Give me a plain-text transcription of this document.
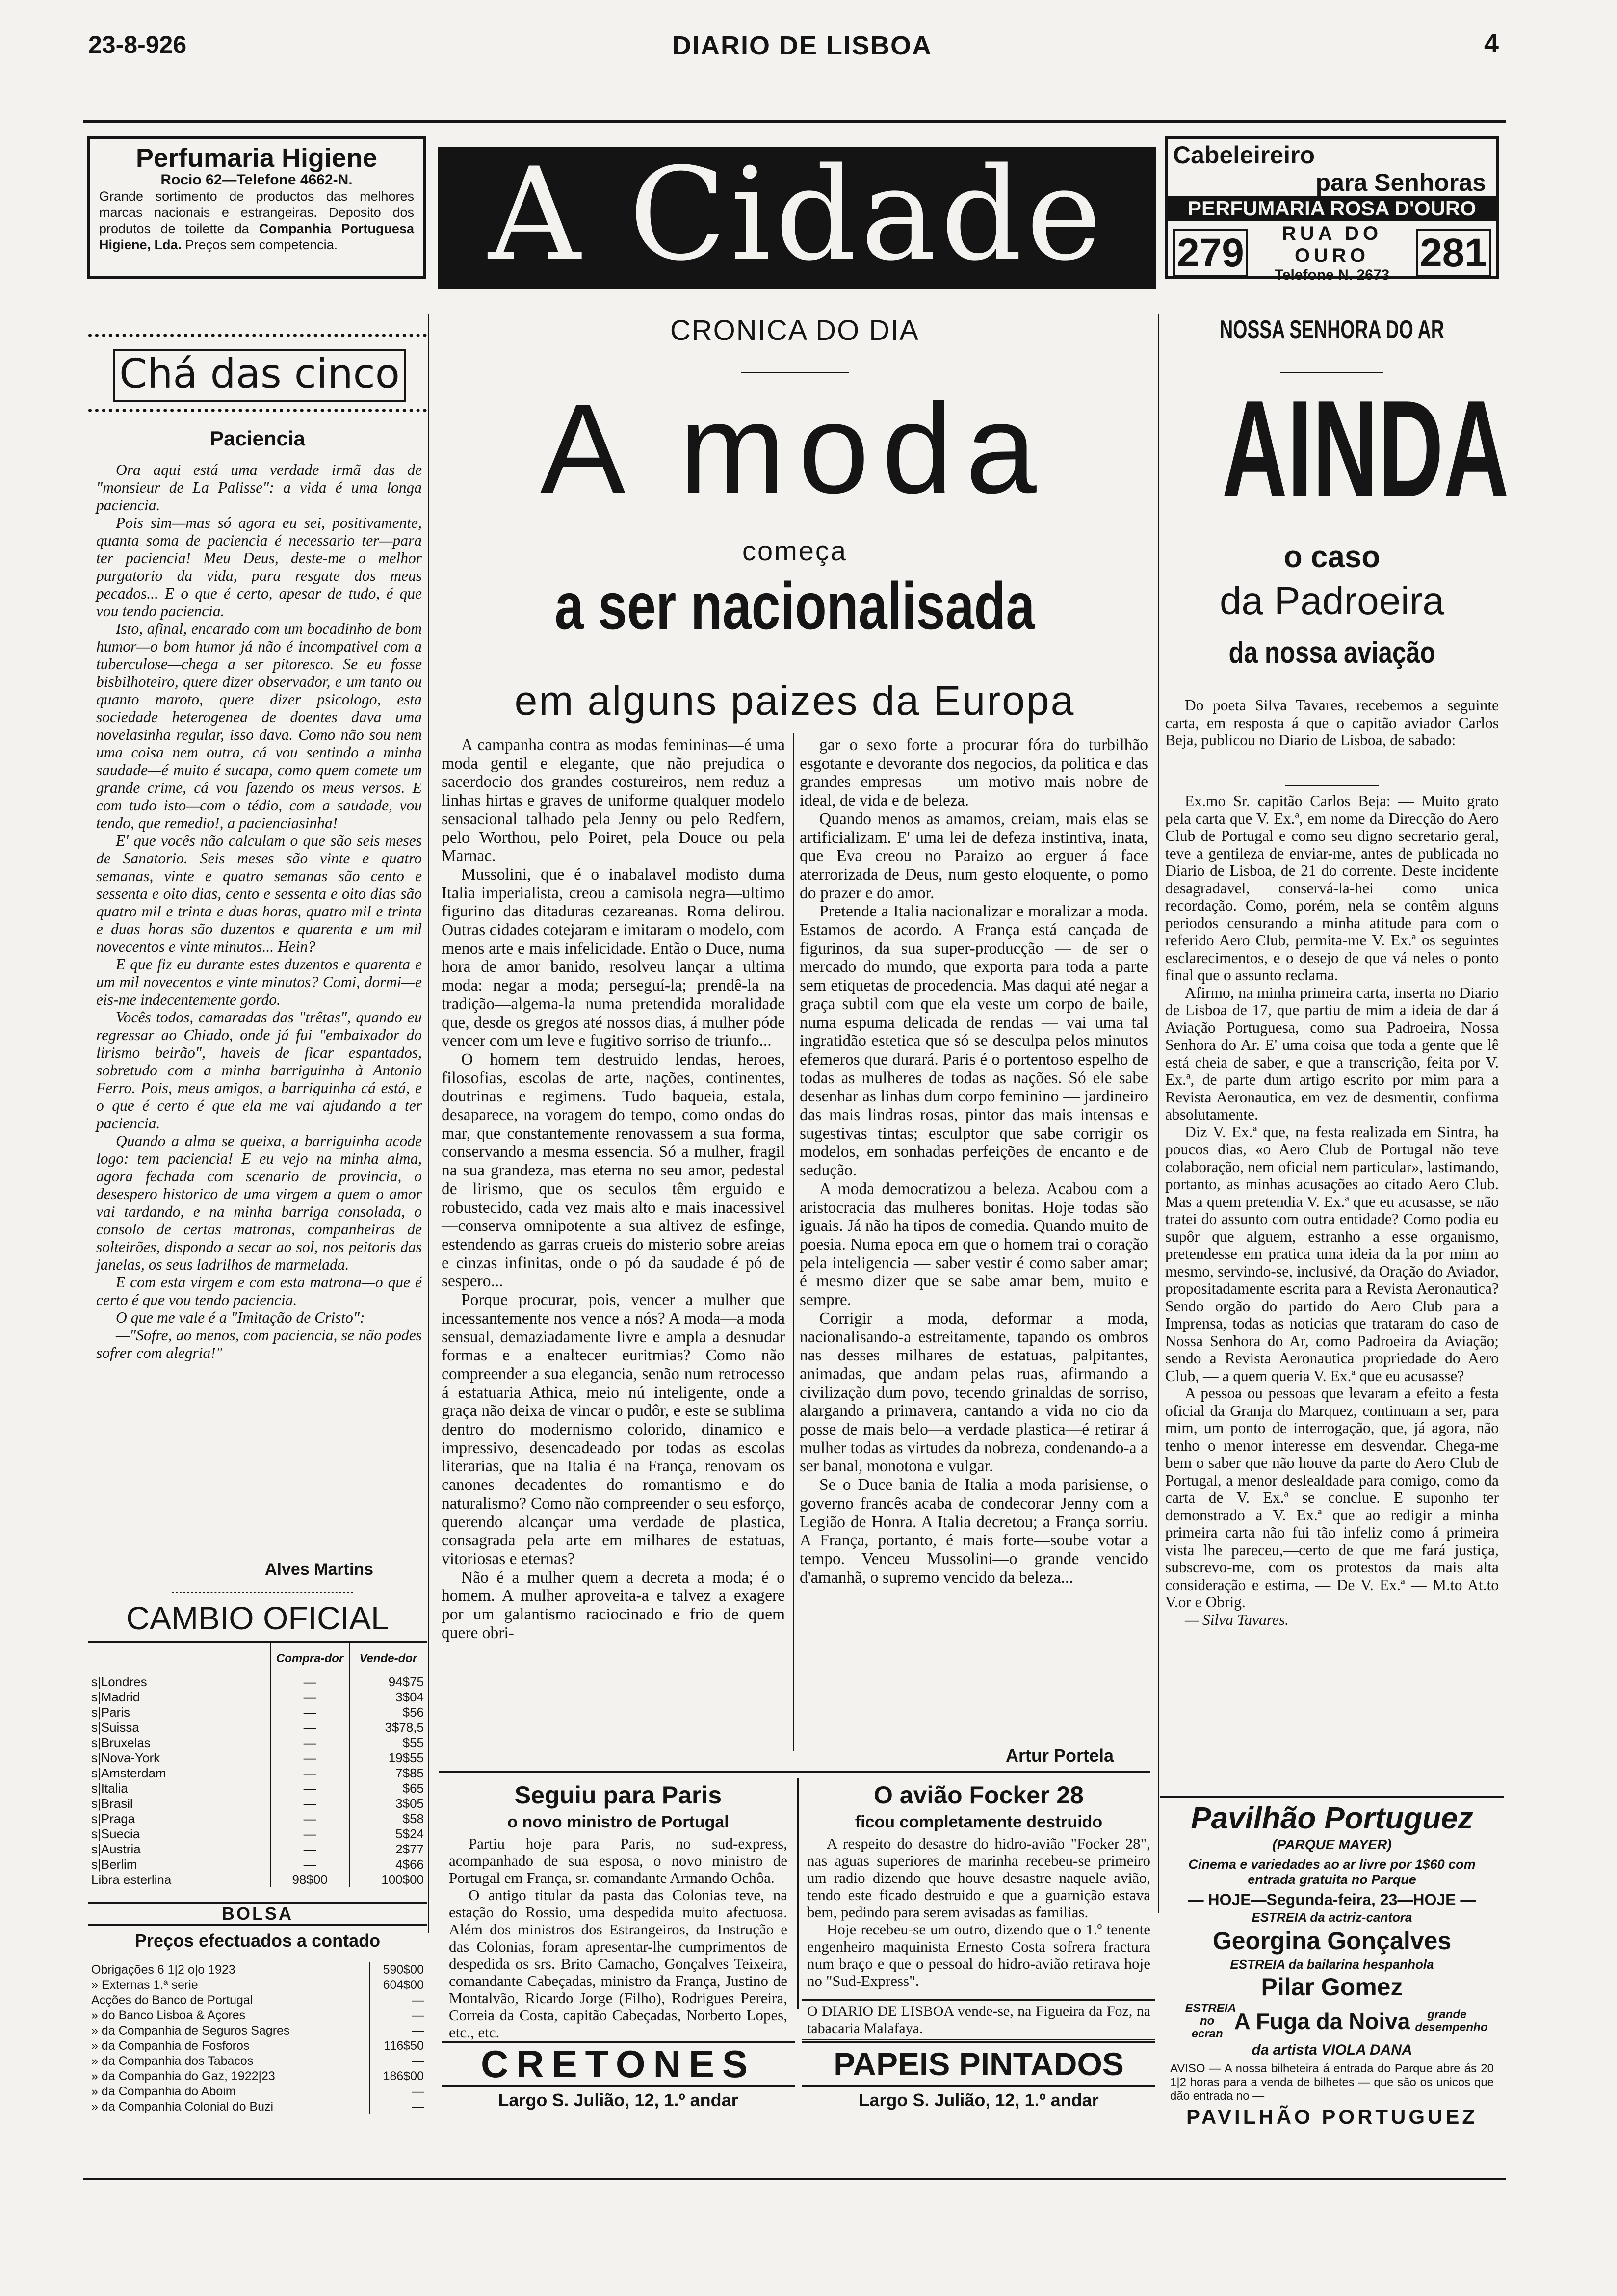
23-8-926	DIARIO DE LISBOA	4
Perfumaria Higiene
Rocio 62—Telefone 4662-N.
Grande sortimento de productos das melhores marcas nacionais e estrangeiras. Deposito dos produtos de toilette da Companhia Portuguesa Higiene, Lda. Preços sem competencia.	A Cidade	Cabeleireiro
para Senhoras
PERFUMARIA ROSA D'OURO
279	RUA DO OURO
Telefone N. 2673 281
Chá das cinco
Paciencia

Ora aqui está uma verdade irmã das de "monsieur de La Palisse": a vida é uma longa paciencia.

Pois sim—mas só agora eu sei, positivamente, quanta soma de paciencia é necessario ter—para ter paciencia! Meu Deus, deste-me o melhor purgatorio da vida, para resgate dos meus pecados... E o que é certo, apesar de tudo, é que vou tendo paciencia.

Isto, afinal, encarado com um bocadinho de bom humor—o bom humor já não é incompativel com a tuberculose—chega a ser pitoresco. Se eu fosse bisbilhoteiro, quere dizer observador, e um tanto ou quanto maroto, quere dizer psicologo, esta sociedade heterogenea de doentes dava uma novelasinha regular, isso dava. Como não sou nem uma coisa nem outra, cá vou sentindo a minha saudade—é muito é sucapa, como quem comete um grande crime, cá vou fazendo os meus versos. E com tudo isto—com o tédio, com a saudade, vou tendo, que remedio!, a pacienciasinha!

E' que vocês não calculam o que são seis meses de Sanatorio. Seis meses são vinte e quatro semanas, vinte e quatro semanas são cento e sessenta e oito dias, cento e sessenta e oito dias são quatro mil e trinta e duas horas, quatro mil e trinta e duas horas são duzentos e quarenta e um mil novecentos e vinte minutos... Hein?

E que fiz eu durante estes duzentos e quarenta e um mil novecentos e vinte minutos? Comi, dormi—e eis-me indecentemente gordo.

Vocês todos, camaradas das "trêtas", quando eu regressar ao Chiado, onde já fui "embaixador do lirismo beirão", haveis de ficar espantados, sobretudo com a minha barriguinha à Antonio Ferro. Pois, meus amigos, a barriguinha cá está, e o que é certo é que ela me vai ajudando a ter paciencia.

Quando a alma se queixa, a barriguinha acode logo: tem paciencia! E eu vejo na minha alma, agora fechada com scenario de provincia, o desespero historico de uma virgem a quem o amor vai tardando, e na minha barriga consolada, o consolo de certas matronas, companheiras de solteirões, dispondo a secar ao sol, nos peitoris das janelas, os seus ladrilhos de marmelada.

E com esta virgem e com esta matrona—o que é certo é que vou tendo paciencia.

O que me vale é a "Imitação de Cristo":

—"Sofre, ao menos, com paciencia, se não podes sofrer com alegria!"

Alves Martins
CAMBIO OFICIAL
	Compra-dor	Vende-dor
s|Londres	—	94$75
s|Madrid	—	3$04
s|Paris	—	$56
s|Suissa	—	3$78,5
s|Bruxelas	—	$55
s|Nova-York	—	19$55
s|Amsterdam	—	7$85
s|Italia	—	$65
s|Brasil	—	3$05
s|Praga	—	$58
s|Suecia	—	5$24
s|Austria	—	2$77
s|Berlim	—	4$66
Libra esterlina	98$00	100$00
BOLSA
Preços efectuados a contado
Obrigações 6 1|2 o|o 1923	590$00
» Externas 1.ª serie	604$00
Acções do Banco de Portugal	—
» do Banco Lisboa & Açores	—
» da Companhia de Seguros Sagres	—
» da Companhia de Fosforos	116$50
» da Companhia dos Tabacos	—
» da Companhia do Gaz, 1922|23	186$00
» da Companhia do Aboim	—
» da Companhia Colonial do Buzi	—
CRONICA DO DIA
A moda
começa
a ser nacionalisada
em alguns paizes da Europa

A campanha contra as modas femininas—é uma moda gentil e elegante, que não prejudica o sacerdocio dos grandes costureiros, nem reduz a linhas hirtas e graves de uniforme qualquer modelo sensacional talhado pela Jenny ou pelo Redfern, pelo Worthou, pelo Poiret, pela Douce ou pela Marnac.

Mussolini, que é o inabalavel modisto duma Italia imperialista, creou a camisola negra—ultimo figurino das ditaduras cezareanas. Roma delirou. Outras cidades cotejaram e imitaram o modelo, com menos arte e mais infelicidade. Então o Duce, numa hora de amor banido, resolveu lançar a ultima moda: negar a moda; perseguí-la; prendê-la na tradição—algema-la numa pretendida moralidade que, desde os gregos até nossos dias, á mulher póde vencer com um leve e fugitivo sorriso de triunfo...

O homem tem destruido lendas, heroes, filosofias, escolas de arte, nações, continentes, doutrinas e regimens. Tudo baqueia, estala, desaparece, na voragem do tempo, como ondas do mar, que constantemente renovassem a sua forma, conservando a mesma essencia. Só a mulher, fragil na sua grandeza, mas eterna no seu amor, pedestal de lirismo, que os seculos têm erguido e robustecido, cada vez mais alto e mais inacessivel—conserva omnipotente a sua altivez de esfinge, estendendo as garras crueis do misterio sobre areias e cinzas infinitas, onde o pó da saudade é pó de sespero...

Porque procurar, pois, vencer a mulher que incessantemente nos vence a nós? A moda—a moda sensual, demaziadamente livre e ampla a desnudar formas e a enaltecer euritmias? Como não compreender a sua elegancia, senão num retrocesso á estatuaria Athica, meio nú inteligente, onde a graça não deixa de vincar o pudôr, e este se sublima dentro do modernismo colorido, dinamico e impressivo, desencadeado por todas as escolas literarias, que na Italia é na França, renovam os canones decadentes do romantismo e do naturalismo? Como não compreender o seu esforço, querendo alcançar uma verdade de plastica, consagrada pela arte em milhares de estatuas, vitoriosas e eternas?

Não é a mulher quem a decreta a moda; é o homem. A mulher aproveita-a e talvez a exagere por um galantismo raciocinado e frio de quem quere obri-

gar o sexo forte a procurar fóra do turbilhão esgotante e devorante dos negocios, da politica e das grandes empresas — um motivo mais nobre de ideal, de vida e de beleza.

Quando menos as amamos, creiam, mais elas se artificializam. E' uma lei de defeza instintiva, inata, que Eva creou no Paraizo ao erguer á face aterrorizada de Deus, num gesto eloquente, o pomo do prazer e do amor.

Pretende a Italia nacionalizar e moralizar a moda. Estamos de acordo. A França está cançada de figurinos, da sua super-producção — de ser o mercado do mundo, que exporta para toda a parte sem etiquetas de procedencia. Mas daqui até negar a graça subtil com que ela veste um corpo de baile, numa espuma delicada de rendas — vai uma tal ingratidão estetica que só se desculpa pelos minutos efemeros que durará. Paris é o portentoso espelho de todas as mulheres de todas as nações. Só ele sabe desenhar as linhas dum corpo feminino — jardineiro das mais lindras rosas, pintor das mais intensas e sugestivas tintas; esculptor que sabe corrigir os modelos, em sonhadas perfeições de encanto e de sedução.

A moda democratizou a beleza. Acabou com a aristocracia das mulheres bonitas. Hoje todas são iguais. Já não ha tipos de comedia. Quando muito de poesia. Numa epoca em que o homem trai o coração pela inteligencia — saber vestir é como saber amar; é mesmo dizer que se sabe amar bem, muito e sempre.

Corrigir a moda, deformar a moda, nacionalisando-a estreitamente, tapando os ombros nas desses milhares de estatuas, palpitantes, animadas, que andam pelas ruas, afirmando a civilização dum povo, tecendo grinaldas de sorriso, alargando a primavera, cantando a vida no cio da posse de mais belo—a verdade plastica—é retirar á mulher todas as virtudes da nobreza, condenando-a a ser banal, monotona e vulgar.

Se o Duce bania de Italia a moda parisiense, o governo francês acaba de condecorar Jenny com a Legião de Honra. A Italia decretou; a França sorriu. A França, portanto, é mais forte—soube votar a tempo. Venceu Mussolini—o grande vencido d'amanhã, o supremo vencido da beleza...

Artur Portela
Seguiu para Paris
o novo ministro de Portugal

Partiu hoje para Paris, no sud-express, acompanhado de sua esposa, o novo ministro de Portugal em França, sr. comandante Armando Ochôa.

O antigo titular da pasta das Colonias teve, na estação do Rossio, uma despedida muito afectuosa. Além dos ministros dos Estrangeiros, da Instrução e das Colonias, foram apresentar-lhe cumprimentos de despedida os srs. Brito Camacho, Gonçalves Teixeira, comandante Cabeçadas, ministro da França, Justino de Montalvão, Ricardo Jorge (Filho), Rodrigues Pereira, Correia da Costa, capitão Cabeçadas, Norberto Lopes, etc., etc.

O avião Focker 28
ficou completamente destruido

A respeito do desastre do hidro-avião "Focker 28", nas aguas superiores de marinha recebeu-se primeiro um radio dizendo que houve desastre naquele avião, tendo este ficado destruido e que a guarnição estava bem, pedindo para serem avisadas as familias.

Hoje recebeu-se um outro, dizendo que o 1.º tenente engenheiro maquinista Ernesto Costa sofrera fractura num braço e que o pessoal do hidro-avião retirava hoje no "Sud-Express".

O DIARIO DE LISBOA vende-se, na Figueira da Foz, na tabacaria Malafaya.
CRETONES
Largo S. Julião, 12, 1.º andar
PAPEIS PINTADOS
Largo S. Julião, 12, 1.º andar
NOSSA SENHORA DO AR
AINDA
o caso
da Padroeira
da nossa aviação
Do poeta Silva Tavares, recebemos a seguinte carta, em resposta á que o capitão aviador Carlos Beja, publicou no Diario de Lisboa, de sabado:

Ex.mo Sr. capitão Carlos Beja: — Muito grato pela carta que V. Ex.ª, em nome da Direcção do Aero Club de Portugal e como seu digno secretario geral, teve a gentileza de enviar-me, antes de publicada no Diario de Lisboa, de 21 do corrente. Deste incidente desagradavel, conservá-la-hei como unica recordação. Como, porém, nela se contêm alguns periodos censurando a minha atitude para com o referido Aero Club, permita-me V. Ex.ª os seguintes esclarecimentos, e o desejo de que vá neles o ponto final que o assunto reclama.

Afirmo, na minha primeira carta, inserta no Diario de Lisboa de 17, que partiu de mim a ideia de dar á Aviação Portuguesa, como sua Padroeira, Nossa Senhora do Ar. E' uma coisa que toda a gente que lê está cheia de saber, e que a transcrição, feita por V. Ex.ª, de parte dum artigo escrito por mim para a Revista Aeronautica, em vez de desmentir, confirma absolutamente.

Diz V. Ex.ª que, na festa realizada em Sintra, ha poucos dias, «o Aero Club de Portugal não teve colaboração, nem oficial nem particular», lastimando, portanto, as minhas acusações ao citado Aero Club. Mas a quem pretendia V. Ex.ª que eu acusasse, se não tratei do assunto com outra entidade? Como podia eu supôr que alguem, estranho a esse organismo, pretendesse em pratica uma ideia da la por mim ao mesmo, servindo-se, inclusivé, da Oração do Aviador, propositadamente escrita para a Revista Aeronautica? Sendo orgão do partido do Aero Club para a Imprensa, todas as noticias que trataram do caso de Nossa Senhora do Ar, como Padroeira da Aviação; sendo a Revista Aeronautica propriedade do Aero Club, — a quem queria V. Ex.ª que eu acusasse?

A pessoa ou pessoas que levaram a efeito a festa oficial da Granja do Marquez, continuam a ser, para mim, um ponto de interrogação, que, já agora, não tenho o menor interesse em desvendar. Chega-me bem o saber que não houve da parte do Aero Club de Portugal, a menor deslealdade para comigo, como da carta de V. Ex.ª se conclue. E suponho ter demonstrado a V. Ex.ª que ao redigir a minha primeira carta não fui tão infeliz como á primeira vista lhe pareceu,—certo de que me fará justiça, subscrevo-me, com os protestos da mais alta consideração e estima, — De V. Ex.ª — M.to At.to V.or e Obrig.

— Silva Tavares.

Pavilhão Portuguez
(PARQUE MAYER)
Cinema e variedades ao ar livre por 1$60 com entrada gratuita no Parque
— HOJE—Segunda-feira, 23—HOJE —
ESTREIA da actriz-cantora
Georgina Gonçalves
ESTREIA da bailarina hespanhola
Pilar Gomez
ESTREIA no ecran A Fuga da Noiva	grande desempenho
da artista VIOLA DANA
AVISO — A nossa bilheteira á entrada do Parque abre ás 20 1|2 horas para a venda de bilhetes — que são os unicos que dão entrada no —
PAVILHÃO PORTUGUEZ
